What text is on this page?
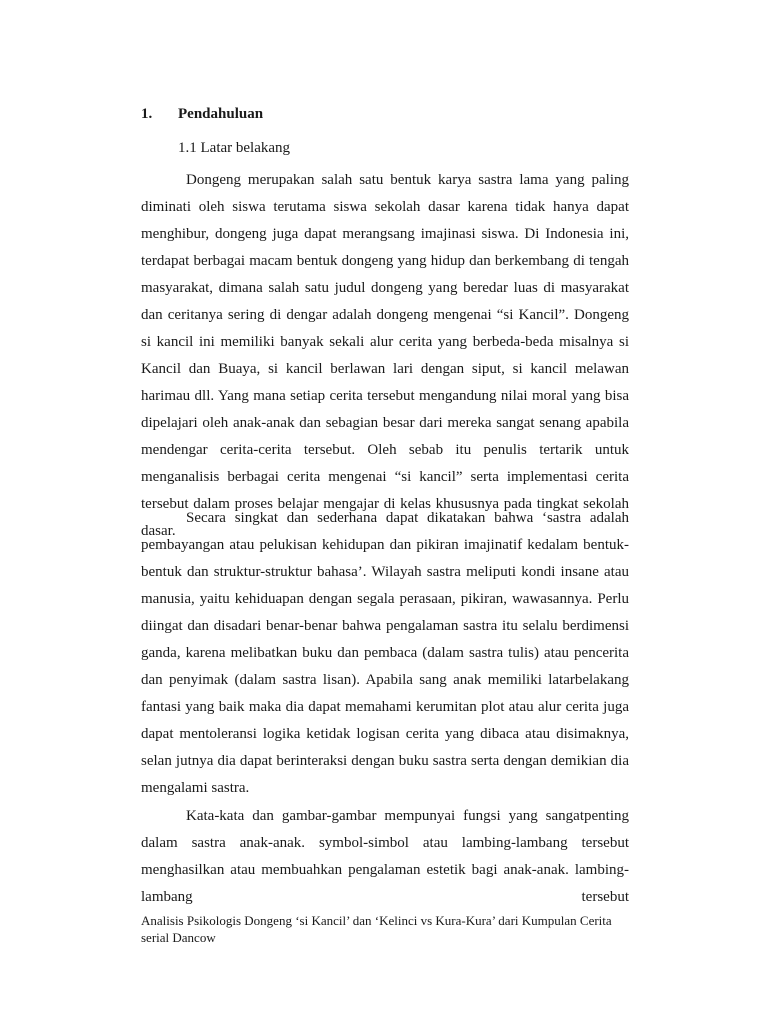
1. Pendahuluan
1.1 Latar belakang

Dongeng merupakan salah satu bentuk karya sastra lama yang paling diminati oleh siswa terutama siswa sekolah dasar karena tidak hanya dapat menghibur, dongeng juga dapat merangsang imajinasi siswa. Di Indonesia ini, terdapat berbagai macam bentuk dongeng yang hidup dan berkembang di tengah masyarakat, dimana salah satu judul dongeng yang beredar luas di masyarakat dan ceritanya sering di dengar adalah dongeng mengenai “si Kancil”. Dongeng si kancil ini memiliki banyak sekali alur cerita yang berbeda-beda misalnya si Kancil dan Buaya, si kancil berlawan lari dengan siput, si kancil melawan harimau dll. Yang mana setiap cerita tersebut mengandung nilai moral yang bisa dipelajari oleh anak-anak dan sebagian besar dari mereka sangat senang apabila mendengar cerita-cerita tersebut. Oleh sebab itu penulis tertarik untuk menganalisis berbagai cerita mengenai “si kancil” serta implementasi cerita tersebut dalam proses belajar mengajar di kelas khususnya pada tingkat sekolah dasar.

Secara singkat dan sederhana dapat dikatakan bahwa ‘sastra adalah pembayangan atau pelukisan kehidupan dan pikiran imajinatif kedalam bentuk-bentuk dan struktur-struktur bahasa’. Wilayah sastra meliputi kondi insane atau manusia, yaitu kehiduapan dengan segala perasaan, pikiran, wawasannya. Perlu diingat dan disadari benar-benar bahwa pengalaman sastra itu selalu berdimensi ganda, karena melibatkan buku dan pembaca (dalam sastra tulis) atau pencerita dan penyimak (dalam sastra lisan). Apabila sang anak memiliki latarbelakang fantasi yang baik maka dia dapat memahami kerumitan plot atau alur cerita juga dapat mentoleransi logika ketidak logisan cerita yang dibaca atau disimaknya, selan jutnya dia dapat berinteraksi dengan buku sastra serta dengan demikian dia mengalami sastra.

Kata-kata dan gambar-gambar mempunyai fungsi yang sangatpenting dalam sastra anak-anak. symbol-simbol atau lambing-lambang tersebut menghasilkan atau membuahkan pengalaman estetik bagi anak-anak. lambing-lambang tersebut

Analisis Psikologis Dongeng ‘si Kancil’ dan ‘Kelinci vs Kura-Kura’ dari Kumpulan Cerita serial Dancow
